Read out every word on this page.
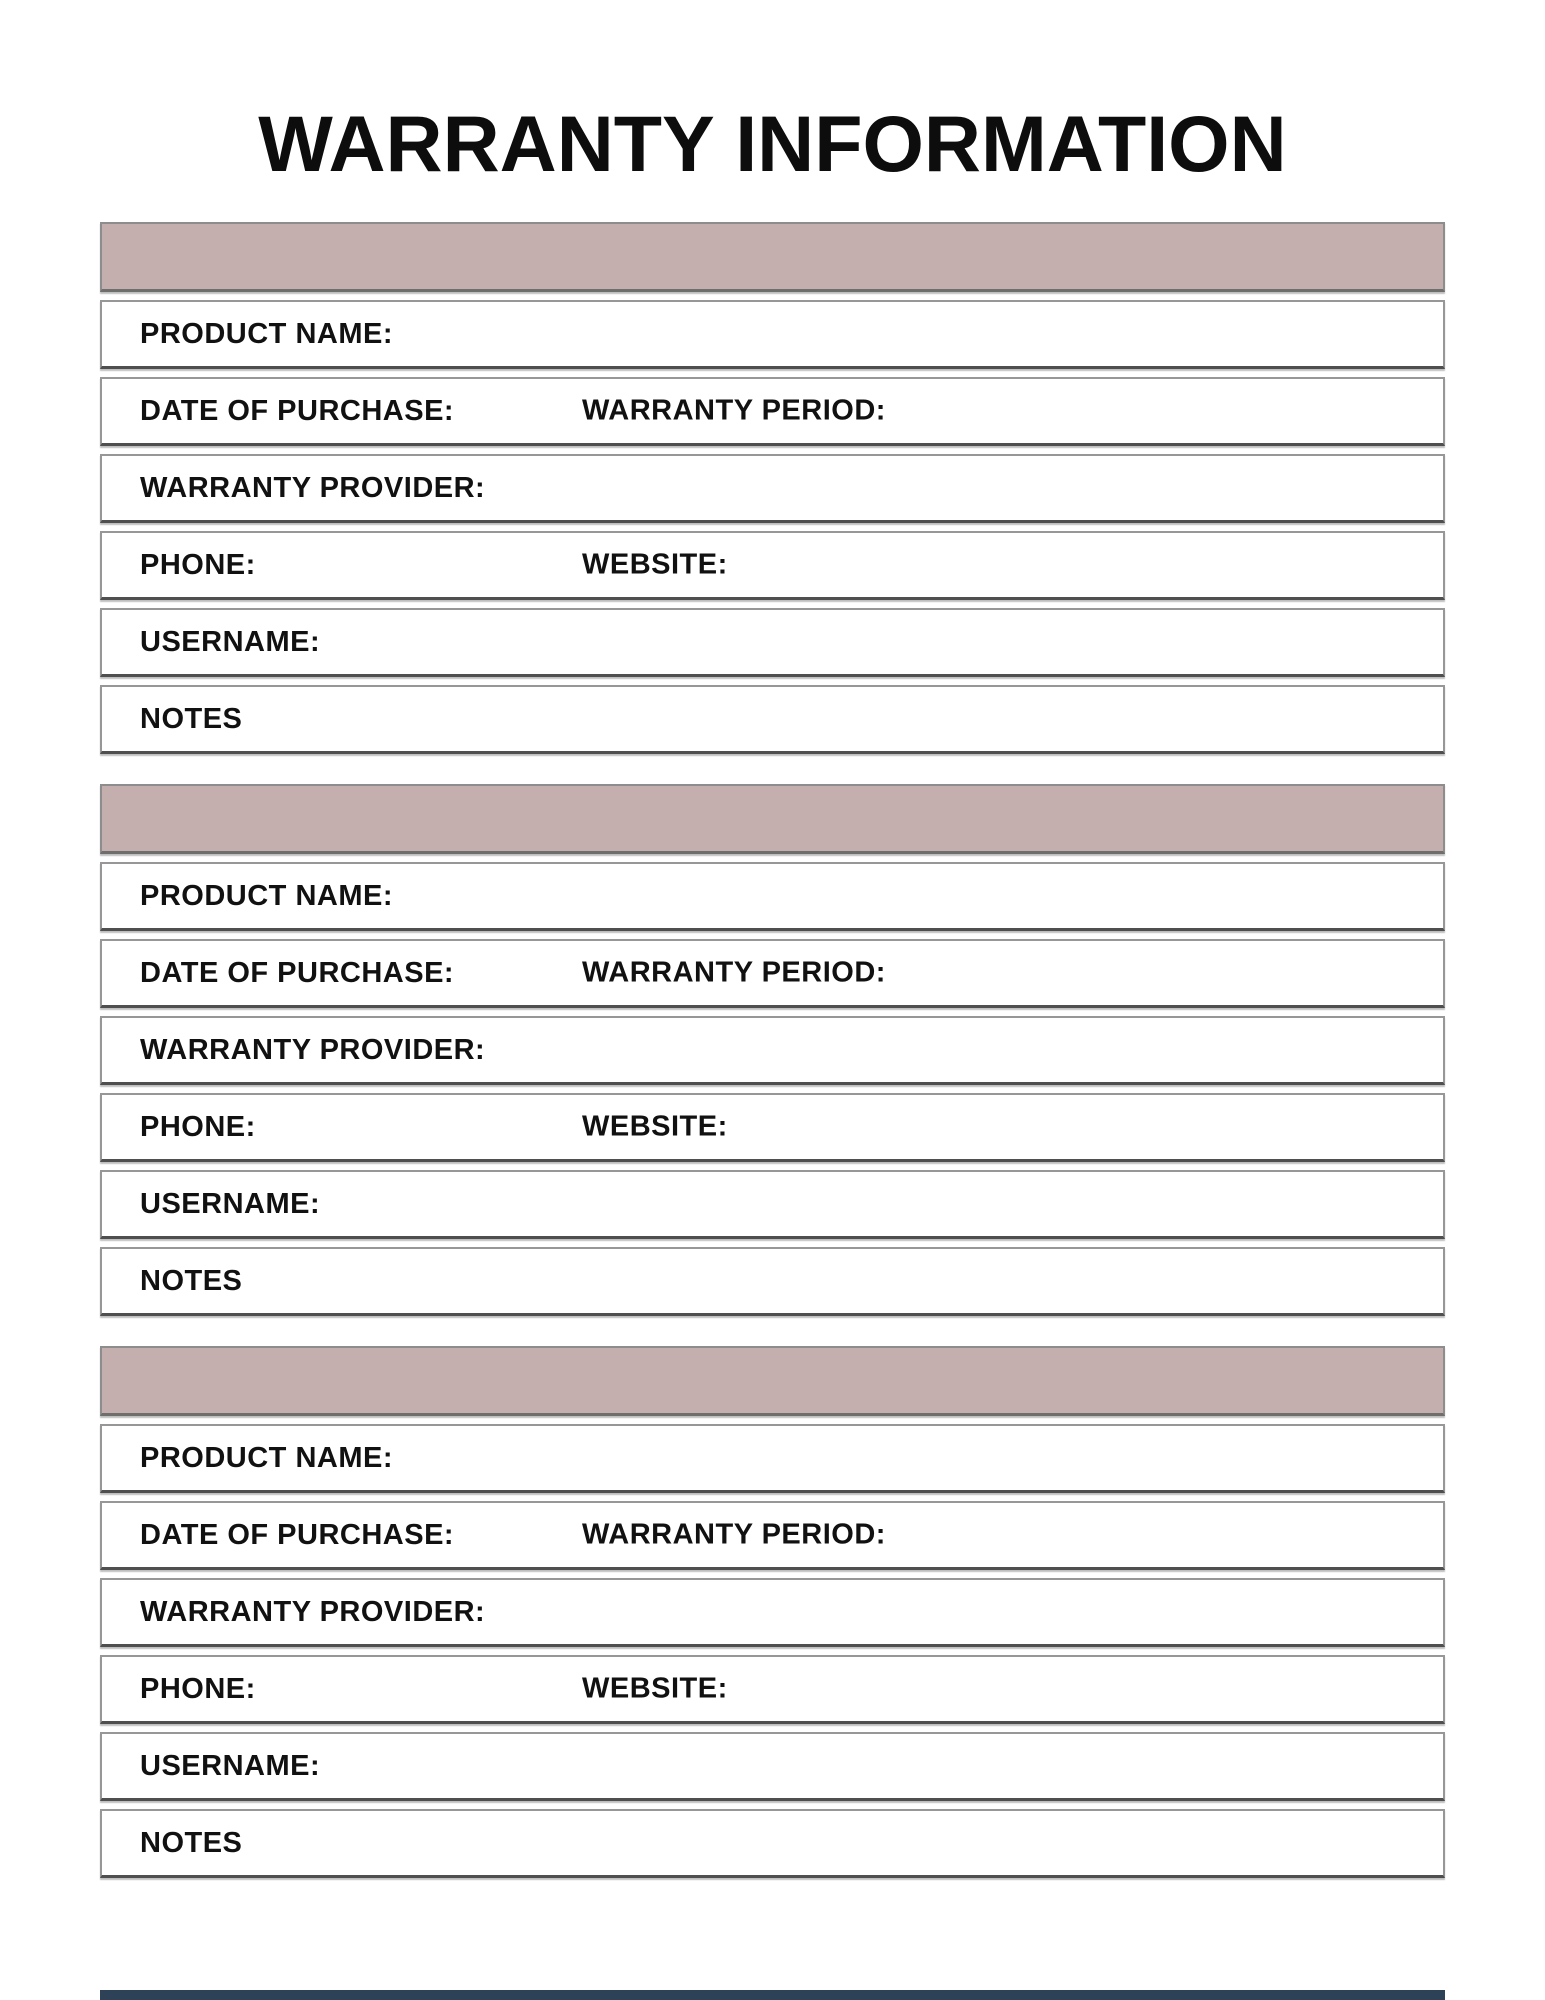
WARRANTY INFORMATION
PRODUCT NAME:
DATE OF PURCHASE:	WARRANTY PERIOD:
WARRANTY PROVIDER:
PHONE:	WEBSITE:
USERNAME:
NOTES
PRODUCT NAME:
DATE OF PURCHASE:	WARRANTY PERIOD:
WARRANTY PROVIDER:
PHONE:	WEBSITE:
USERNAME:
NOTES
PRODUCT NAME:
DATE OF PURCHASE:	WARRANTY PERIOD:
WARRANTY PROVIDER:
PHONE:	WEBSITE:
USERNAME:
NOTES
